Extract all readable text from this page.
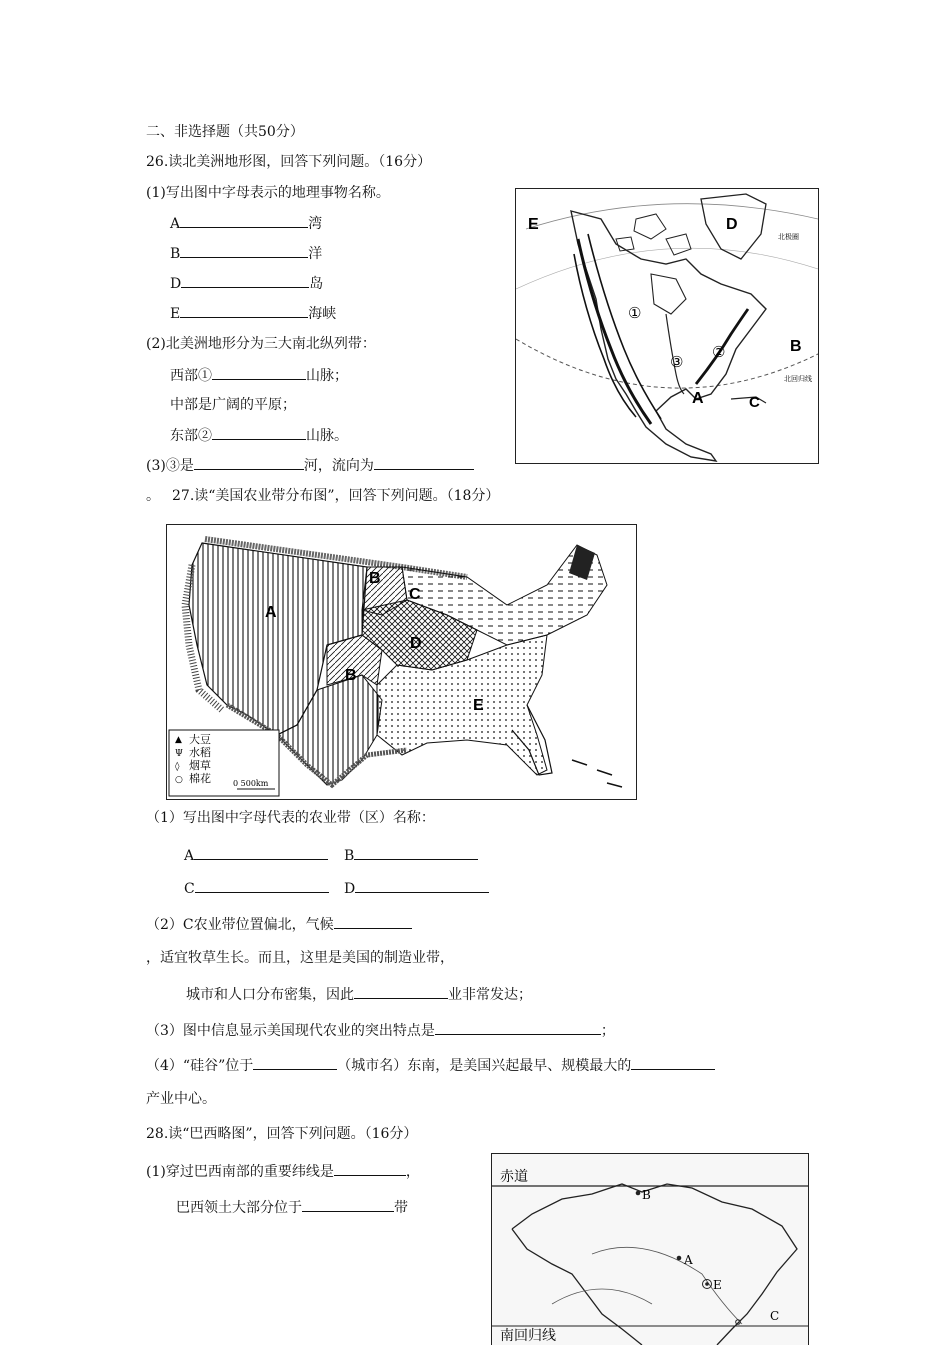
二、非选择题（共50分）
26.读北美洲地形图，回答下列问题。（16分）
(1)写出图中字母表示的地理事物名称。
A	湾
B	洋
D	岛
E	海峡
(2)北美洲地形分为三大南北纵列带：
西部①	山脉；
中部是广阔的平原；
东部②	山脉。
(3)③是	河，流向为
E	D
B
A	C
①
②
③
北回归线
北极圈
。 27.读“美国农业带分布图”，回答下列问题。（18分）
A
B
B
C
D
E
▲ 大豆
Ψ 水稻
◊ 烟草
○ 棉花	0 500km
（1）写出图中字母代表的农业带（区）名称：
A	B
C	D
（2）C农业带位置偏北，气候
，适宜牧草生长。而且，这里是美国的制造业带，
城市和人口分布密集，因此	业非常发达；
（3）图中信息显示美国现代农业的突出特点是	；
（4）“硅谷”位于	（城市名）东南，是美国兴起最早、规模最大的
产业中心。
28.读“巴西略图”，回答下列问题。（16分）
(1)穿过巴西南部的重要纬线是	，
巴西领土大部分位于	带
赤道
南回归线
B
A
E
C
